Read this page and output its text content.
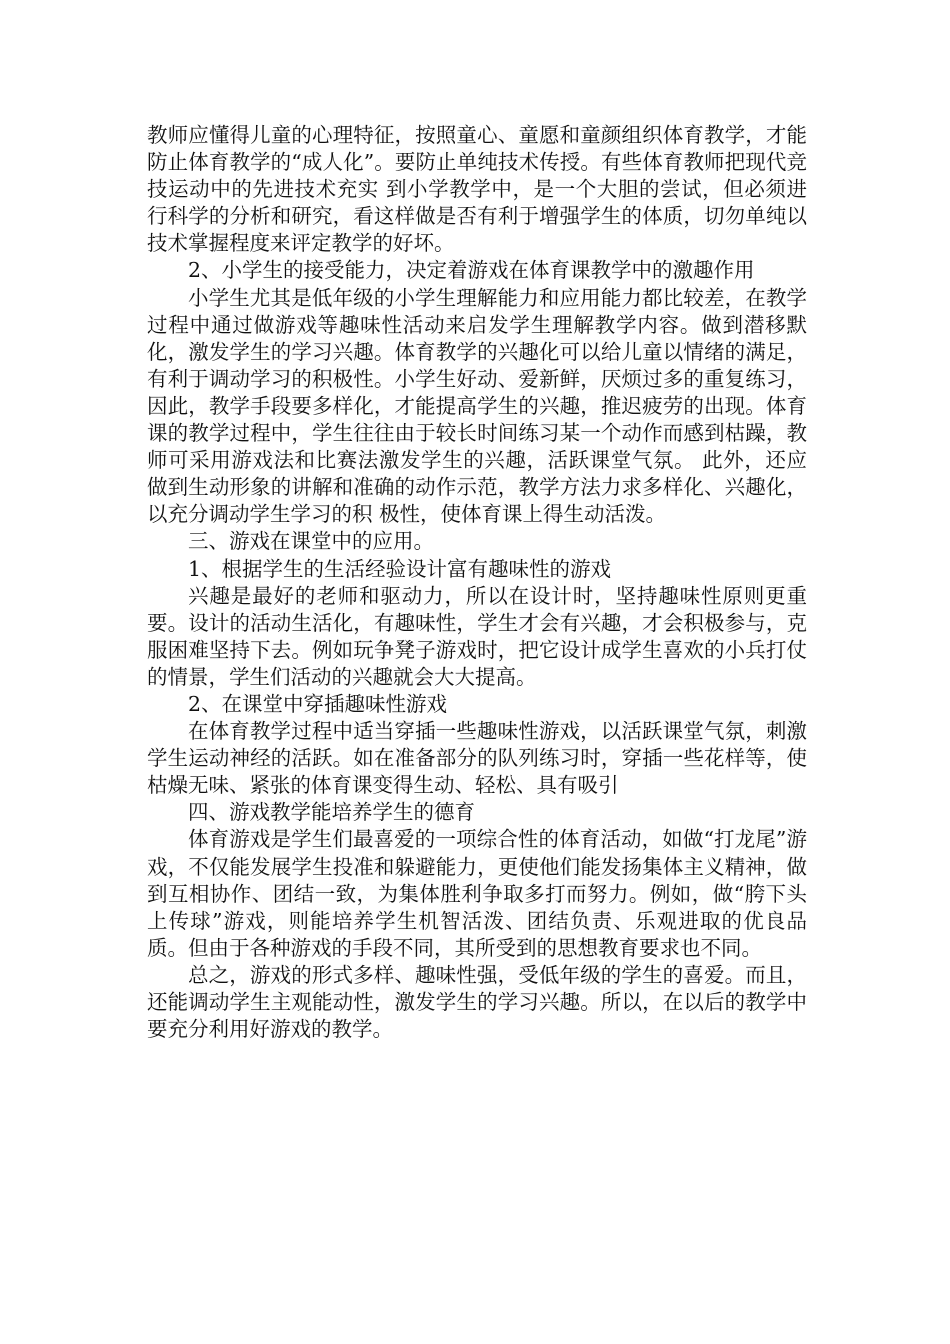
教师应懂得儿童的心理特征，按照童心、童愿和童颜组织体育教学，才能防止体育教学的“成人化”。要防止单纯技术传授。有些体育教师把现代竞技运动中的先进技术充实 到小学教学中，是一个大胆的尝试，但必须进行科学的分析和研究，看这样做是否有利于增强学生的体质，切勿单纯以技术掌握程度来评定教学的好坏。

2、小学生的接受能力，决定着游戏在体育课教学中的激趣作用

小学生尤其是低年级的小学生理解能力和应用能力都比较差，在教学过程中通过做游戏等趣味性活动来启发学生理解教学内容。做到潜移默化，激发学生的学习兴趣。体育教学的兴趣化可以给儿童以情绪的满足，有利于调动学习的积极性。小学生好动、爱新鲜，厌烦过多的重复练习，因此，教学手段要多样化，才能提高学生的兴趣，推迟疲劳的出现。体育课的教学过程中，学生往往由于较长时间练习某一个动作而感到枯躁，教师可采用游戏法和比赛法激发学生的兴趣，活跃课堂气氛。 此外，还应做到生动形象的讲解和准确的动作示范，教学方法力求多样化、兴趣化，以充分调动学生学习的积 极性，使体育课上得生动活泼。

三、游戏在课堂中的应用。

1、根据学生的生活经验设计富有趣味性的游戏

兴趣是最好的老师和驱动力，所以在设计时，坚持趣味性原则更重要。设计的活动生活化，有趣味性，学生才会有兴趣，才会积极参与，克服困难坚持下去。例如玩争凳子游戏时，把它设计成学生喜欢的小兵打仗的情景，学生们活动的兴趣就会大大提高。

2、在课堂中穿插趣味性游戏

在体育教学过程中适当穿插一些趣味性游戏，以活跃课堂气氛，刺激学生运动神经的活跃。如在准备部分的队列练习时，穿插一些花样等，使枯燥无味、紧张的体育课变得生动、轻松、具有吸引

四、游戏教学能培养学生的德育

体育游戏是学生们最喜爱的一项综合性的体育活动，如做“打龙尾”游戏，不仅能发展学生投准和躲避能力，更使他们能发扬集体主义精神，做到互相协作、团结一致，为集体胜利争取多打而努力。例如，做“胯下头上传球”游戏，则能培养学生机智活泼、团结负责、乐观进取的优良品质。但由于各种游戏的手段不同，其所受到的思想教育要求也不同。

总之，游戏的形式多样、趣味性强，受低年级的学生的喜爱。而且，还能调动学生主观能动性，激发学生的学习兴趣。所以，在以后的教学中要充分利用好游戏的教学。
